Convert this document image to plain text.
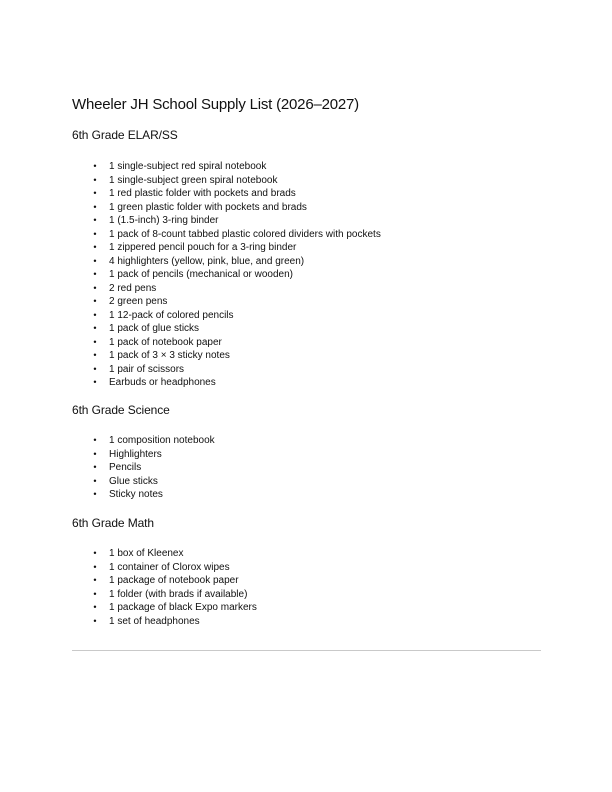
Wheeler JH School Supply List (2026–2027)
6th Grade ELAR/SS
• 1 single-subject red spiral notebook
• 1 single-subject green spiral notebook
• 1 red plastic folder with pockets and brads
• 1 green plastic folder with pockets and brads
• 1 (1.5-inch) 3-ring binder
• 1 pack of 8-count tabbed plastic colored dividers with pockets
• 1 zippered pencil pouch for a 3-ring binder
• 4 highlighters (yellow, pink, blue, and green)
• 1 pack of pencils (mechanical or wooden)
• 2 red pens
• 2 green pens
• 1 12-pack of colored pencils
• 1 pack of glue sticks
• 1 pack of notebook paper
• 1 pack of 3 × 3 sticky notes
• 1 pair of scissors
• Earbuds or headphones
6th Grade Science
• 1 composition notebook
• Highlighters
• Pencils
• Glue sticks
• Sticky notes
6th Grade Math
• 1 box of Kleenex
• 1 container of Clorox wipes
• 1 package of notebook paper
• 1 folder (with brads if available)
• 1 package of black Expo markers
• 1 set of headphones
